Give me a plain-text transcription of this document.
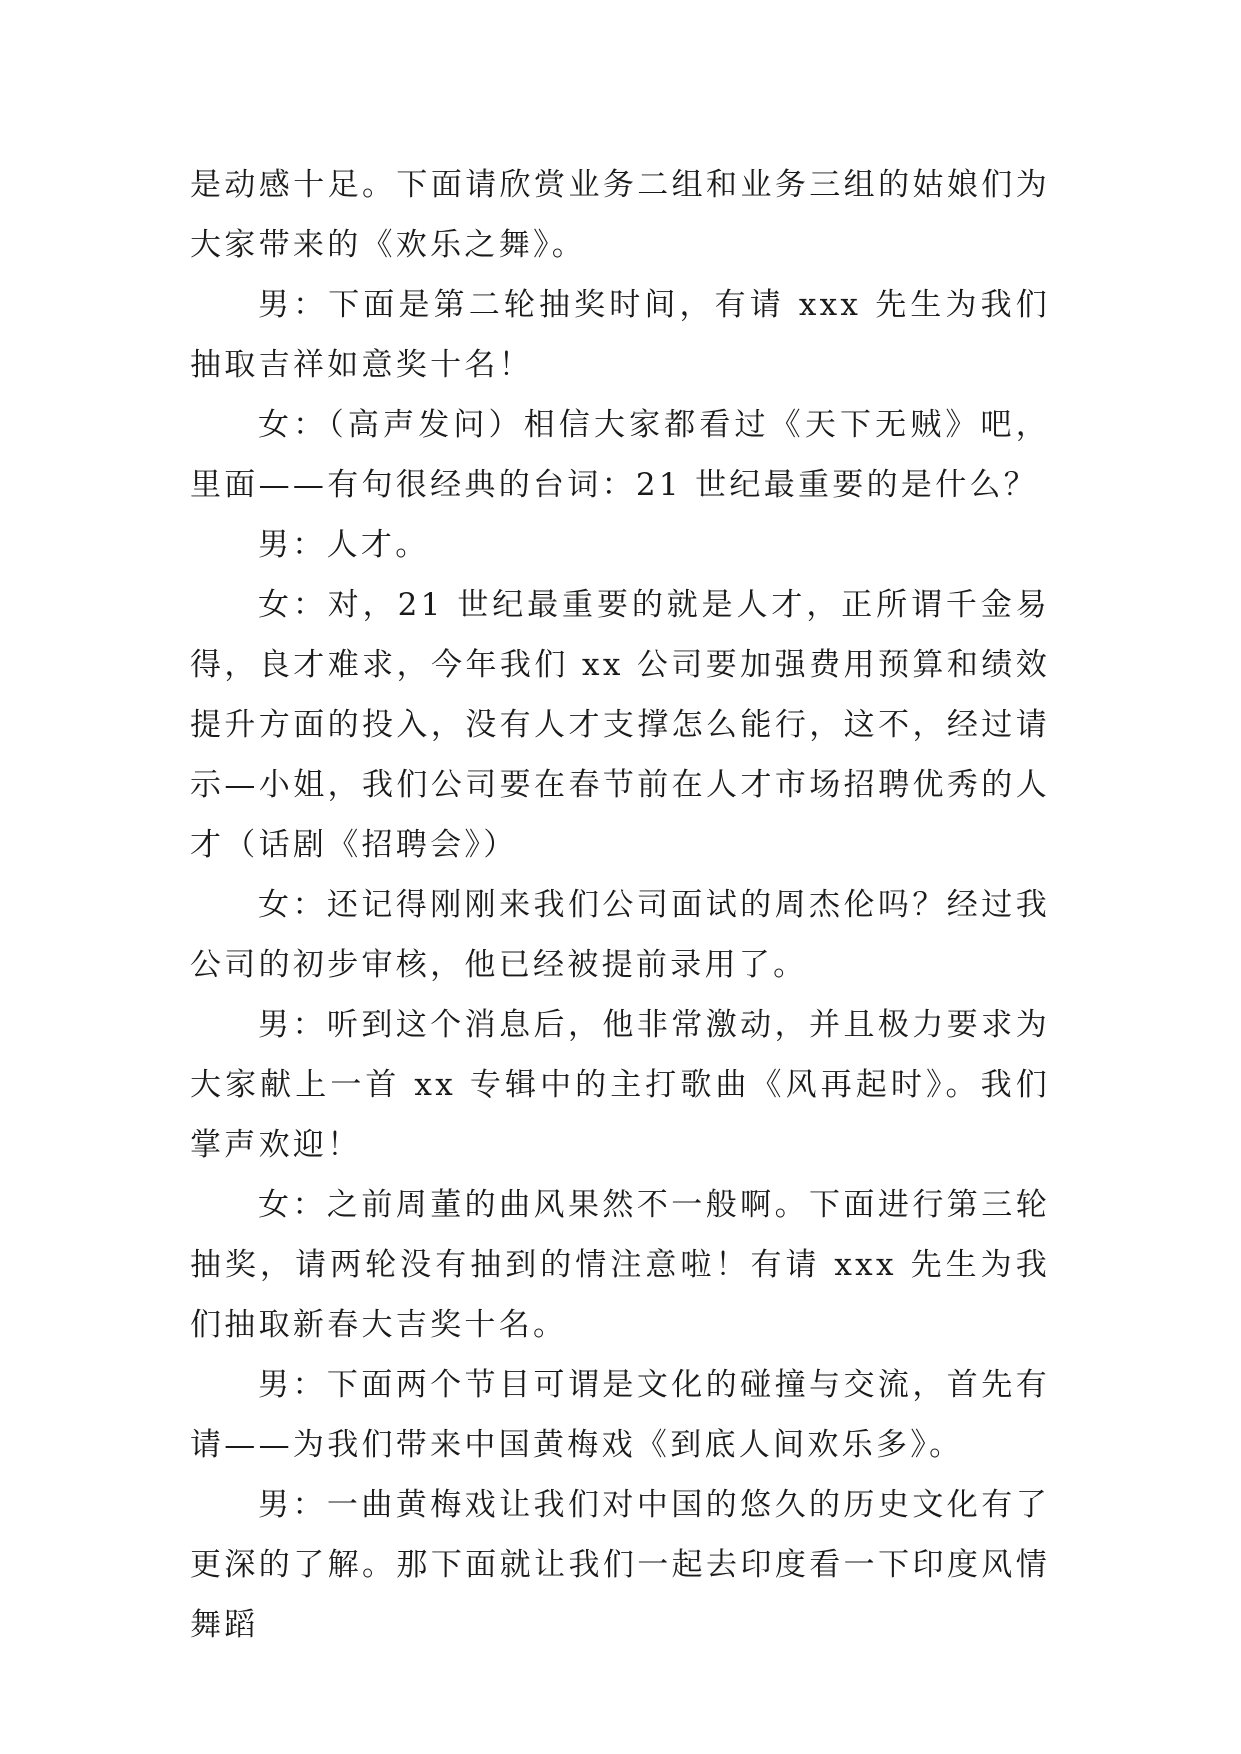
是动感十足。下面请欣赏业务二组和业务三组的姑娘们为大家带来的《欢乐之舞》。

男：下面是第二轮抽奖时间，有请 xxx 先生为我们抽取吉祥如意奖十名！

女：（高声发问）相信大家都看过《天下无贼》吧，里面——有句很经典的台词：21 世纪最重要的是什么？

男：人才。

女：对，21 世纪最重要的就是人才，正所谓千金易得，良才难求，今年我们 xx 公司要加强费用预算和绩效提升方面的投入，没有人才支撑怎么能行，这不，经过请示—小姐，我们公司要在春节前在人才市场招聘优秀的人才（话剧《招聘会》）

女：还记得刚刚来我们公司面试的周杰伦吗？经过我公司的初步审核，他已经被提前录用了。

男：听到这个消息后，他非常激动，并且极力要求为大家献上一首 xx 专辑中的主打歌曲《风再起时》。我们掌声欢迎！

女：之前周董的曲风果然不一般啊。下面进行第三轮抽奖，请两轮没有抽到的情注意啦！有请 xxx 先生为我们抽取新春大吉奖十名。

男：下面两个节目可谓是文化的碰撞与交流，首先有请——为我们带来中国黄梅戏《到底人间欢乐多》。

男：一曲黄梅戏让我们对中国的悠久的历史文化有了更深的了解。那下面就让我们一起去印度看一下印度风情舞蹈
